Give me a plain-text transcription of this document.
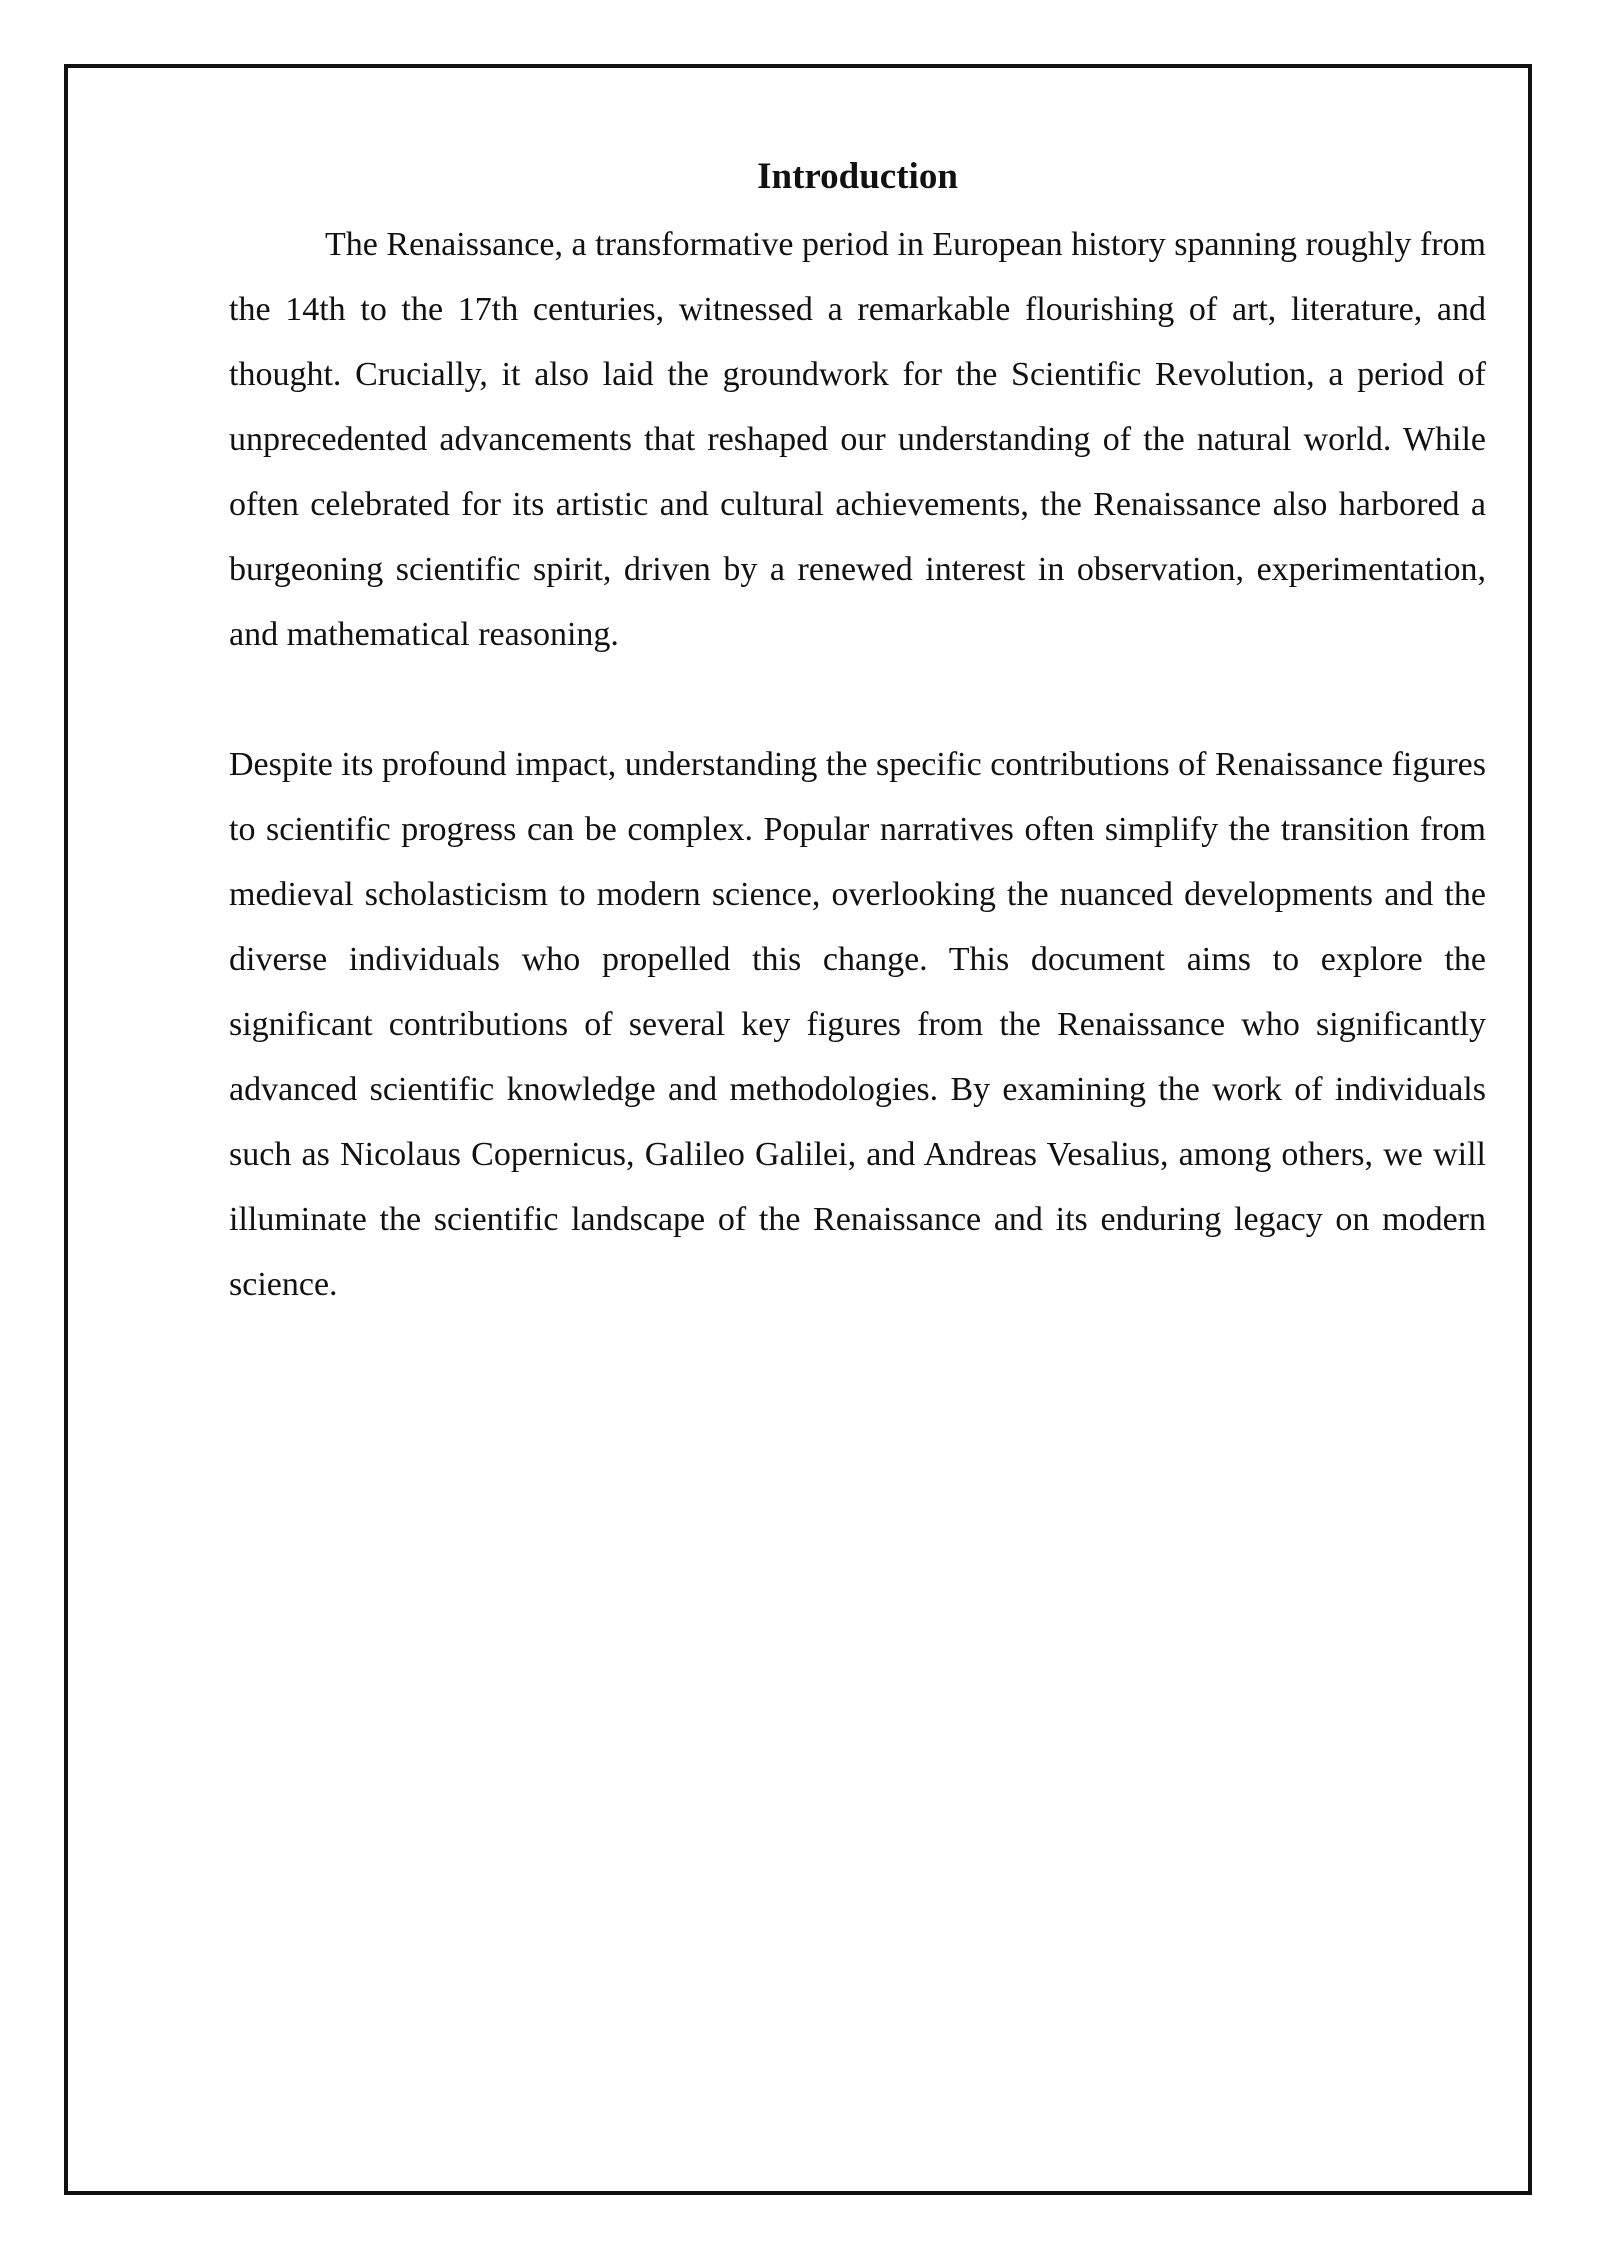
Introduction

The Renaissance, a transformative period in European history spanning roughly from the 14th to the 17th centuries, witnessed a remarkable flourishing of art, literature, and thought. Crucially, it also laid the groundwork for the Scientific Revolution, a period of unprecedented advancements that reshaped our understanding of the natural world. While often celebrated for its artistic and cultural achievements, the Renaissance also harbored a burgeoning scientific spirit, driven by a renewed interest in observation, experimentation, and mathematical reasoning.

Despite its profound impact, understanding the specific contributions of Renaissance figures to scientific progress can be complex. Popular narratives often simplify the transition from medieval scholasticism to modern science, overlooking the nuanced developments and the diverse individuals who propelled this change. This document aims to explore the significant contributions of several key figures from the Renaissance who significantly advanced scientific knowledge and methodologies. By examining the work of individuals such as Nicolaus Copernicus, Galileo Galilei, and Andreas Vesalius, among others, we will illuminate the scientific landscape of the Renaissance and its enduring legacy on modern science.
